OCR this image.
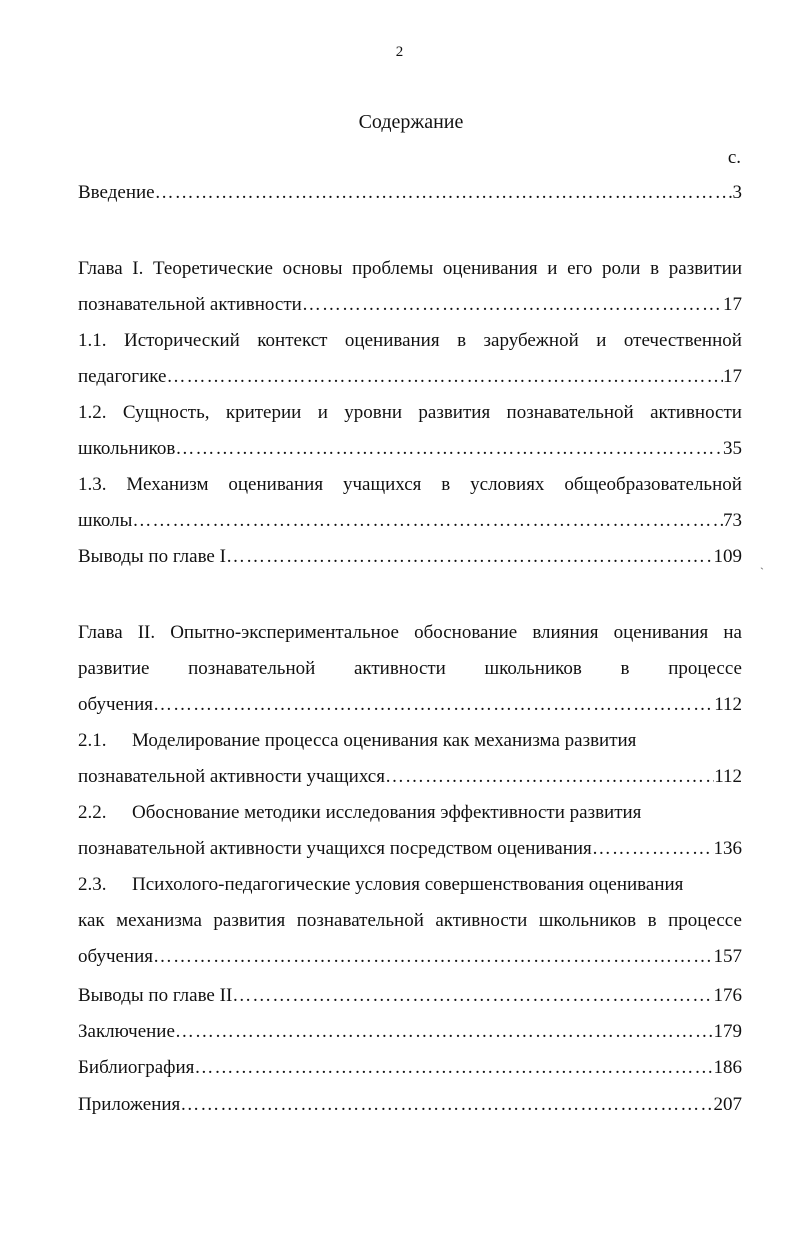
2
Содержание
с.
Введение …………………………………………………………………………………………………………………………………………………………………………………………………………	3
Глава I. Теоретические основы проблемы оценивания и его роли в развитии
познавательной активности …………………………………………………………………………………………………………………………………………………………………………………………………………	17
1.1. Исторический контекст оценивания в зарубежной и отечественной
педагогике …………………………………………………………………………………………………………………………………………………………………………………………………………	17
1.2. Сущность, критерии и уровни развития познавательной активности
школьников …………………………………………………………………………………………………………………………………………………………………………………………………………	35
1.3. Механизм оценивания учащихся в условиях общеобразовательной
школы …………………………………………………………………………………………………………………………………………………………………………………………………………	73
Выводы по главе I …………………………………………………………………………………………………………………………………………………………………………………………………………	109 ˏ
Глава II. Опытно-экспериментальное обоснование влияния оценивания на
развитие познавательной активности школьников в процессе
обучения …………………………………………………………………………………………………………………………………………………………………………………………………………	112
2.1. Моделирование процесса оценивания как механизма развития
познавательной активности учащихся …………………………………………………………………………………………………………………………………………………………………………………………………………	112
2.2. Обоснование методики исследования эффективности развития
познавательной активности учащихся посредством оценивания …………………………………………………………………………………………………………………………………………………………………………………………………………	136
2.3. Психолого-педагогические условия совершенствования оценивания
как механизма развития познавательной активности школьников в процессе
обучения …………………………………………………………………………………………………………………………………………………………………………………………………………	157
Выводы по главе II …………………………………………………………………………………………………………………………………………………………………………………………………………	176
Заключение …………………………………………………………………………………………………………………………………………………………………………………………………………	179
Библиография …………………………………………………………………………………………………………………………………………………………………………………………………………	186
Приложения …………………………………………………………………………………………………………………………………………………………………………………………………………	207
